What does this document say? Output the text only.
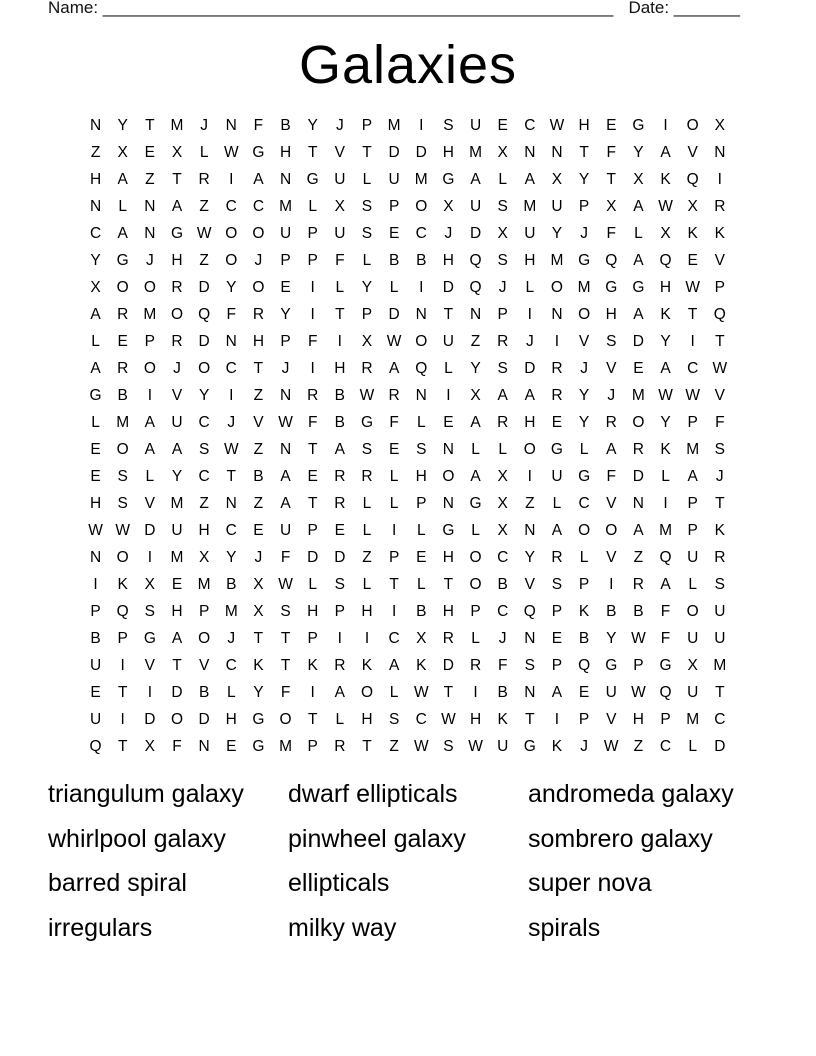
Name: ______________________________________________________ Date: _______
Galaxies
N	Y	T	M	J	N	F	B	Y	J	P	M	I	S	U	E	C W H	E	G	I	O	X
Z	X	E	X	L	W G	H	T	V	T	D	D	H M	X	N	N	T	F	Y	A	V	N
H	A	Z	T	R	I	A	N	G	U	L	U M G	A	L	A	X	Y	T	X	K	Q	I
N	L	N	A	Z	C	C M	L	X	S	P	O	X	U	S	M U	P	X	A W X	R
C	A	N	G W O O	U	P	U	S	E	C	J	D	X	U	Y	J	F	L	X	K	K
Y	G	J	H	Z	O	J	P	P	F	L	B	B	H	Q	S	H M G Q	A	Q	E	V
X	O O	R	D	Y	O	E	I	L	Y	L	I	D	Q	J	L	O M G G	H W P
A	R M O Q	F	R	Y	I	T	P	D	N	T	N	P	I	N	O	H	A	K	T	Q
L	E	P	R	D	N	H	P	F	I	X W O	U	Z	R	J	I	V	S	D	Y	I	T
A	R	O	J	O	C	T	J	I	H	R	A	Q	L	Y	S	D	R	J	V	E	A	C W
G	B	I	V	Y	I	Z	N	R	B W R	N	I	X	A	A	R	Y	J	M W W V
L	M	A	U	C	J	V W F	B	G	F	L	E	A	R	H	E	Y	R	O	Y	P	F
E	O	A	A	S W Z	N	T	A	S	E	S	N	L	L	O G	L	A	R	K	M	S
E	S	L	Y	C	T	B	A	E	R	R	L	H	O	A	X	I	U	G	F	D	L	A	J
H	S	V	M	Z	N	Z	A	T	R	L	L	P	N	G	X	Z	L	C	V	N	I	P	T
W W D	U	H	C	E	U	P	E	L	I	L	G	L	X	N	A	O O	A	M	P	K
N	O	I	M	X	Y	J	F	D	D	Z	P	E	H	O	C	Y	R	L	V	Z	Q	U	R
I	K	X	E	M	B	X W	L	S	L	T	L	T	O	B	V	S	P	I	R	A	L	S
P	Q	S	H	P	M	X	S	H	P	H	I	B	H	P	C	Q	P	K	B	B	F	O	U
B	P	G	A	O	J	T	T	P	I	I	C	X	R	L	J	N	E	B	Y W F	U	U
U	I	V	T	V	C	K	T	K	R	K	A	K	D	R	F	S	P	Q G	P	G	X	M
E	T	I	D	B	L	Y	F	I	A	O	L	W T	I	B	N	A	E	U W Q	U	T
U	I	D	O	D	H	G O	T	L	H	S	C W H	K	T	I	P	V	H	P	M C
Q	T	X	F	N	E	G M	P	R	T	Z W S W U	G	K	J	W Z	C	L	D
triangulum galaxy	dwarf ellipticals	andromeda galaxy
whirlpool galaxy	pinwheel galaxy	sombrero galaxy
barred spiral	ellipticals	super nova
irregulars	milky way	spirals
